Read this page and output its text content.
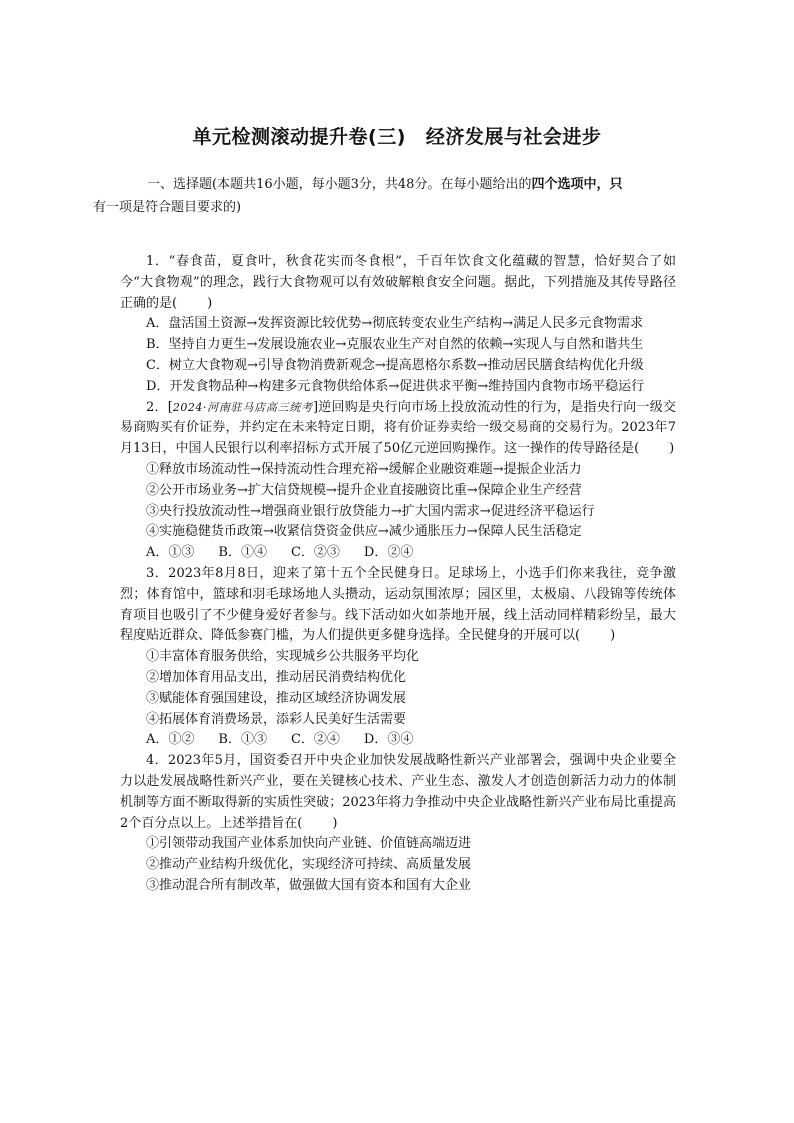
单元检测滚动提升卷(三) 经济发展与社会进步
一、选择题(本题共16小题，每小题3分，共48分。在每小题给出的四个选项中，只
有一项是符合题目要求的)

1．“春食苗，夏食叶，秋食花实而冬食根”，千百年饮食文化蕴藏的智慧，恰好契合了如今“大食物观”的理念，践行大食物观可以有效破解粮食安全问题。据此，下列措施及其传导路径正确的是( )

A．盘活国土资源→发挥资源比较优势→彻底转变农业生产结构→满足人民多元食物需求

B．坚持自力更生→发展设施农业→克服农业生产对自然的依赖→实现人与自然和谐共生

C．树立大食物观→引导食物消费新观念→提高恩格尔系数→推动居民膳食结构优化升级

D．开发食物品种→构建多元食物供给体系→促进供求平衡→维持国内食物市场平稳运行

2．[2024·河南驻马店高三统考]逆回购是央行向市场上投放流动性的行为，是指央行向一级交易商购买有价证券，并约定在未来特定日期，将有价证券卖给一级交易商的交易行为。2023年7月13日，中国人民银行以利率招标方式开展了50亿元逆回购操作。这一操作的传导路径是( )

①释放市场流动性→保持流动性合理充裕→缓解企业融资难题→提振企业活力

②公开市场业务→扩大信贷规模→提升企业直接融资比重→保障企业生产经营

③央行投放流动性→增强商业银行放贷能力→扩大国内需求→促进经济平稳运行

④实施稳健货币政策→收紧信贷资金供应→减少通胀压力→保障人民生活稳定

A．①③ B．①④ C．②③ D．②④

3．2023年8月8日，迎来了第十五个全民健身日。足球场上，小选手们你来我往，竞争激烈；体育馆中，篮球和羽毛球场地人头攒动，运动氛围浓厚；园区里，太极扇、八段锦等传统体育项目也吸引了不少健身爱好者参与。线下活动如火如荼地开展，线上活动同样精彩纷呈，最大程度贴近群众、降低参赛门槛，为人们提供更多健身选择。全民健身的开展可以( )

①丰富体育服务供给，实现城乡公共服务平均化

②增加体育用品支出，推动居民消费结构优化

③赋能体育强国建设，推动区域经济协调发展

④拓展体育消费场景，添彩人民美好生活需要

A．①② B．①③ C．②④ D．③④

4．2023年5月，国资委召开中央企业加快发展战略性新兴产业部署会，强调中央企业要全力以赴发展战略性新兴产业，要在关键核心技术、产业生态、激发人才创造创新活力动力的体制机制等方面不断取得新的实质性突破；2023年将力争推动中央企业战略性新兴产业布局比重提高2个百分点以上。上述举措旨在( )

①引领带动我国产业体系加快向产业链、价值链高端迈进

②推动产业结构升级优化，实现经济可持续、高质量发展

③推动混合所有制改革，做强做大国有资本和国有大企业
